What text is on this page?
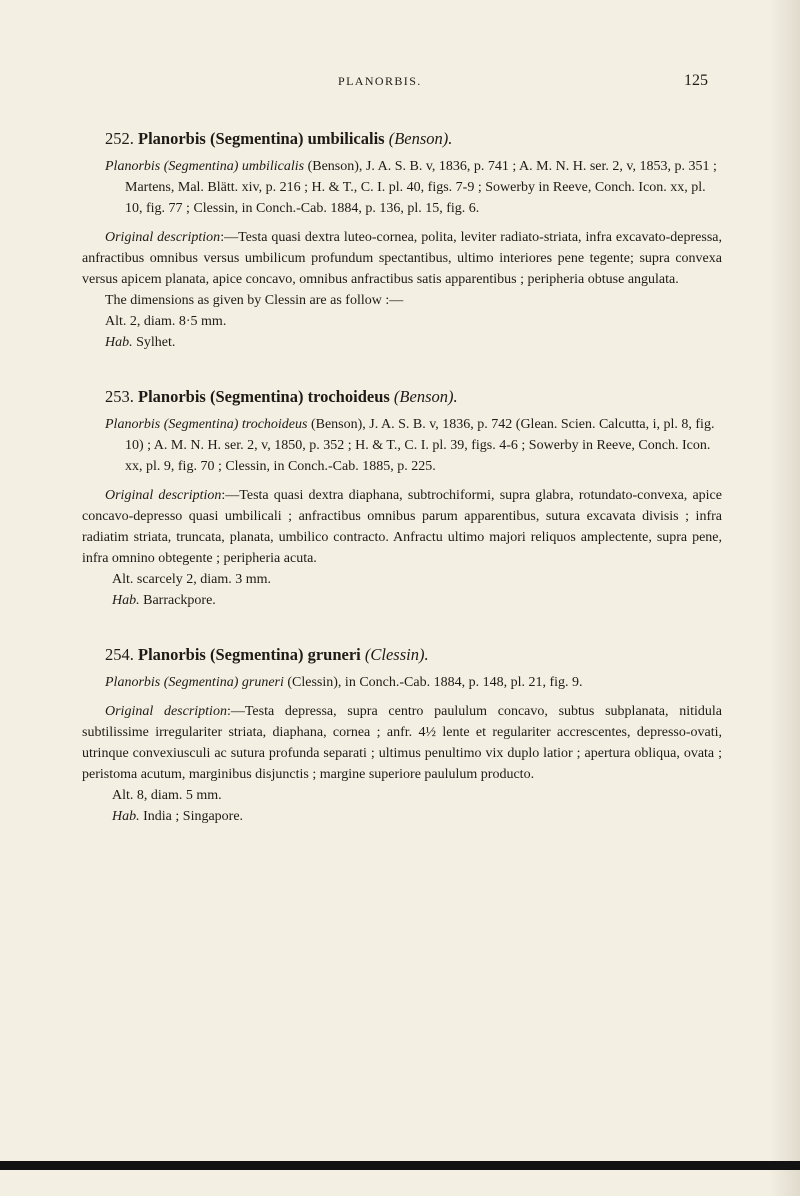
PLANORBIS.	125
252. Planorbis (Segmentina) umbilicalis (Benson).

Planorbis (Segmentina) umbilicalis (Benson), J. A. S. B. v, 1836, p. 741 ; A. M. N. H. ser. 2, v, 1853, p. 351 ; Martens, Mal. Blätt. xiv, p. 216 ; H. & T., C. I. pl. 40, figs. 7-9 ; Sowerby in Reeve, Conch. Icon. xx, pl. 10, fig. 77 ; Clessin, in Conch.-Cab. 1884, p. 136, pl. 15, fig. 6.

Original description:—Testa quasi dextra luteo-cornea, polita, leviter radiato-striata, infra excavato-depressa, anfractibus omnibus versus umbilicum profundum spectantibus, ultimo interiores pene tegente; supra convexa versus apicem planata, apice concavo, omnibus anfractibus satis apparentibus ; peripheria obtuse angulata.

The dimensions as given by Clessin are as follow :—

Alt. 2, diam. 8·5 mm.

Hab. Sylhet.

253. Planorbis (Segmentina) trochoideus (Benson).

Planorbis (Segmentina) trochoideus (Benson), J. A. S. B. v, 1836, p. 742 (Glean. Scien. Calcutta, i, pl. 8, fig. 10) ; A. M. N. H. ser. 2, v, 1850, p. 352 ; H. & T., C. I. pl. 39, figs. 4-6 ; Sowerby in Reeve, Conch. Icon. xx, pl. 9, fig. 70 ; Clessin, in Conch.-Cab. 1885, p. 225.

Original description:—Testa quasi dextra diaphana, subtrochiformi, supra glabra, rotundato-convexa, apice concavo-depresso quasi umbilicali ; anfractibus omnibus parum apparentibus, sutura excavata divisis ; infra radiatim striata, truncata, planata, umbilico contracto. Anfractu ultimo majori reliquos amplectente, supra pene, infra omnino obtegente ; peripheria acuta.

Alt. scarcely 2, diam. 3 mm.

Hab. Barrackpore.

254. Planorbis (Segmentina) gruneri (Clessin).

Planorbis (Segmentina) gruneri (Clessin), in Conch.-Cab. 1884, p. 148, pl. 21, fig. 9.

Original description:—Testa depressa, supra centro paululum concavo, subtus subplanata, nitidula subtilissime irregulariter striata, diaphana, cornea ; anfr. 4½ lente et regulariter accrescentes, depresso-ovati, utrinque convexiusculi ac sutura profunda separati ; ultimus penultimo vix duplo latior ; apertura obliqua, ovata ; peristoma acutum, marginibus disjunctis ; margine superiore paululum producto.

Alt. 8, diam. 5 mm.

Hab. India ; Singapore.
